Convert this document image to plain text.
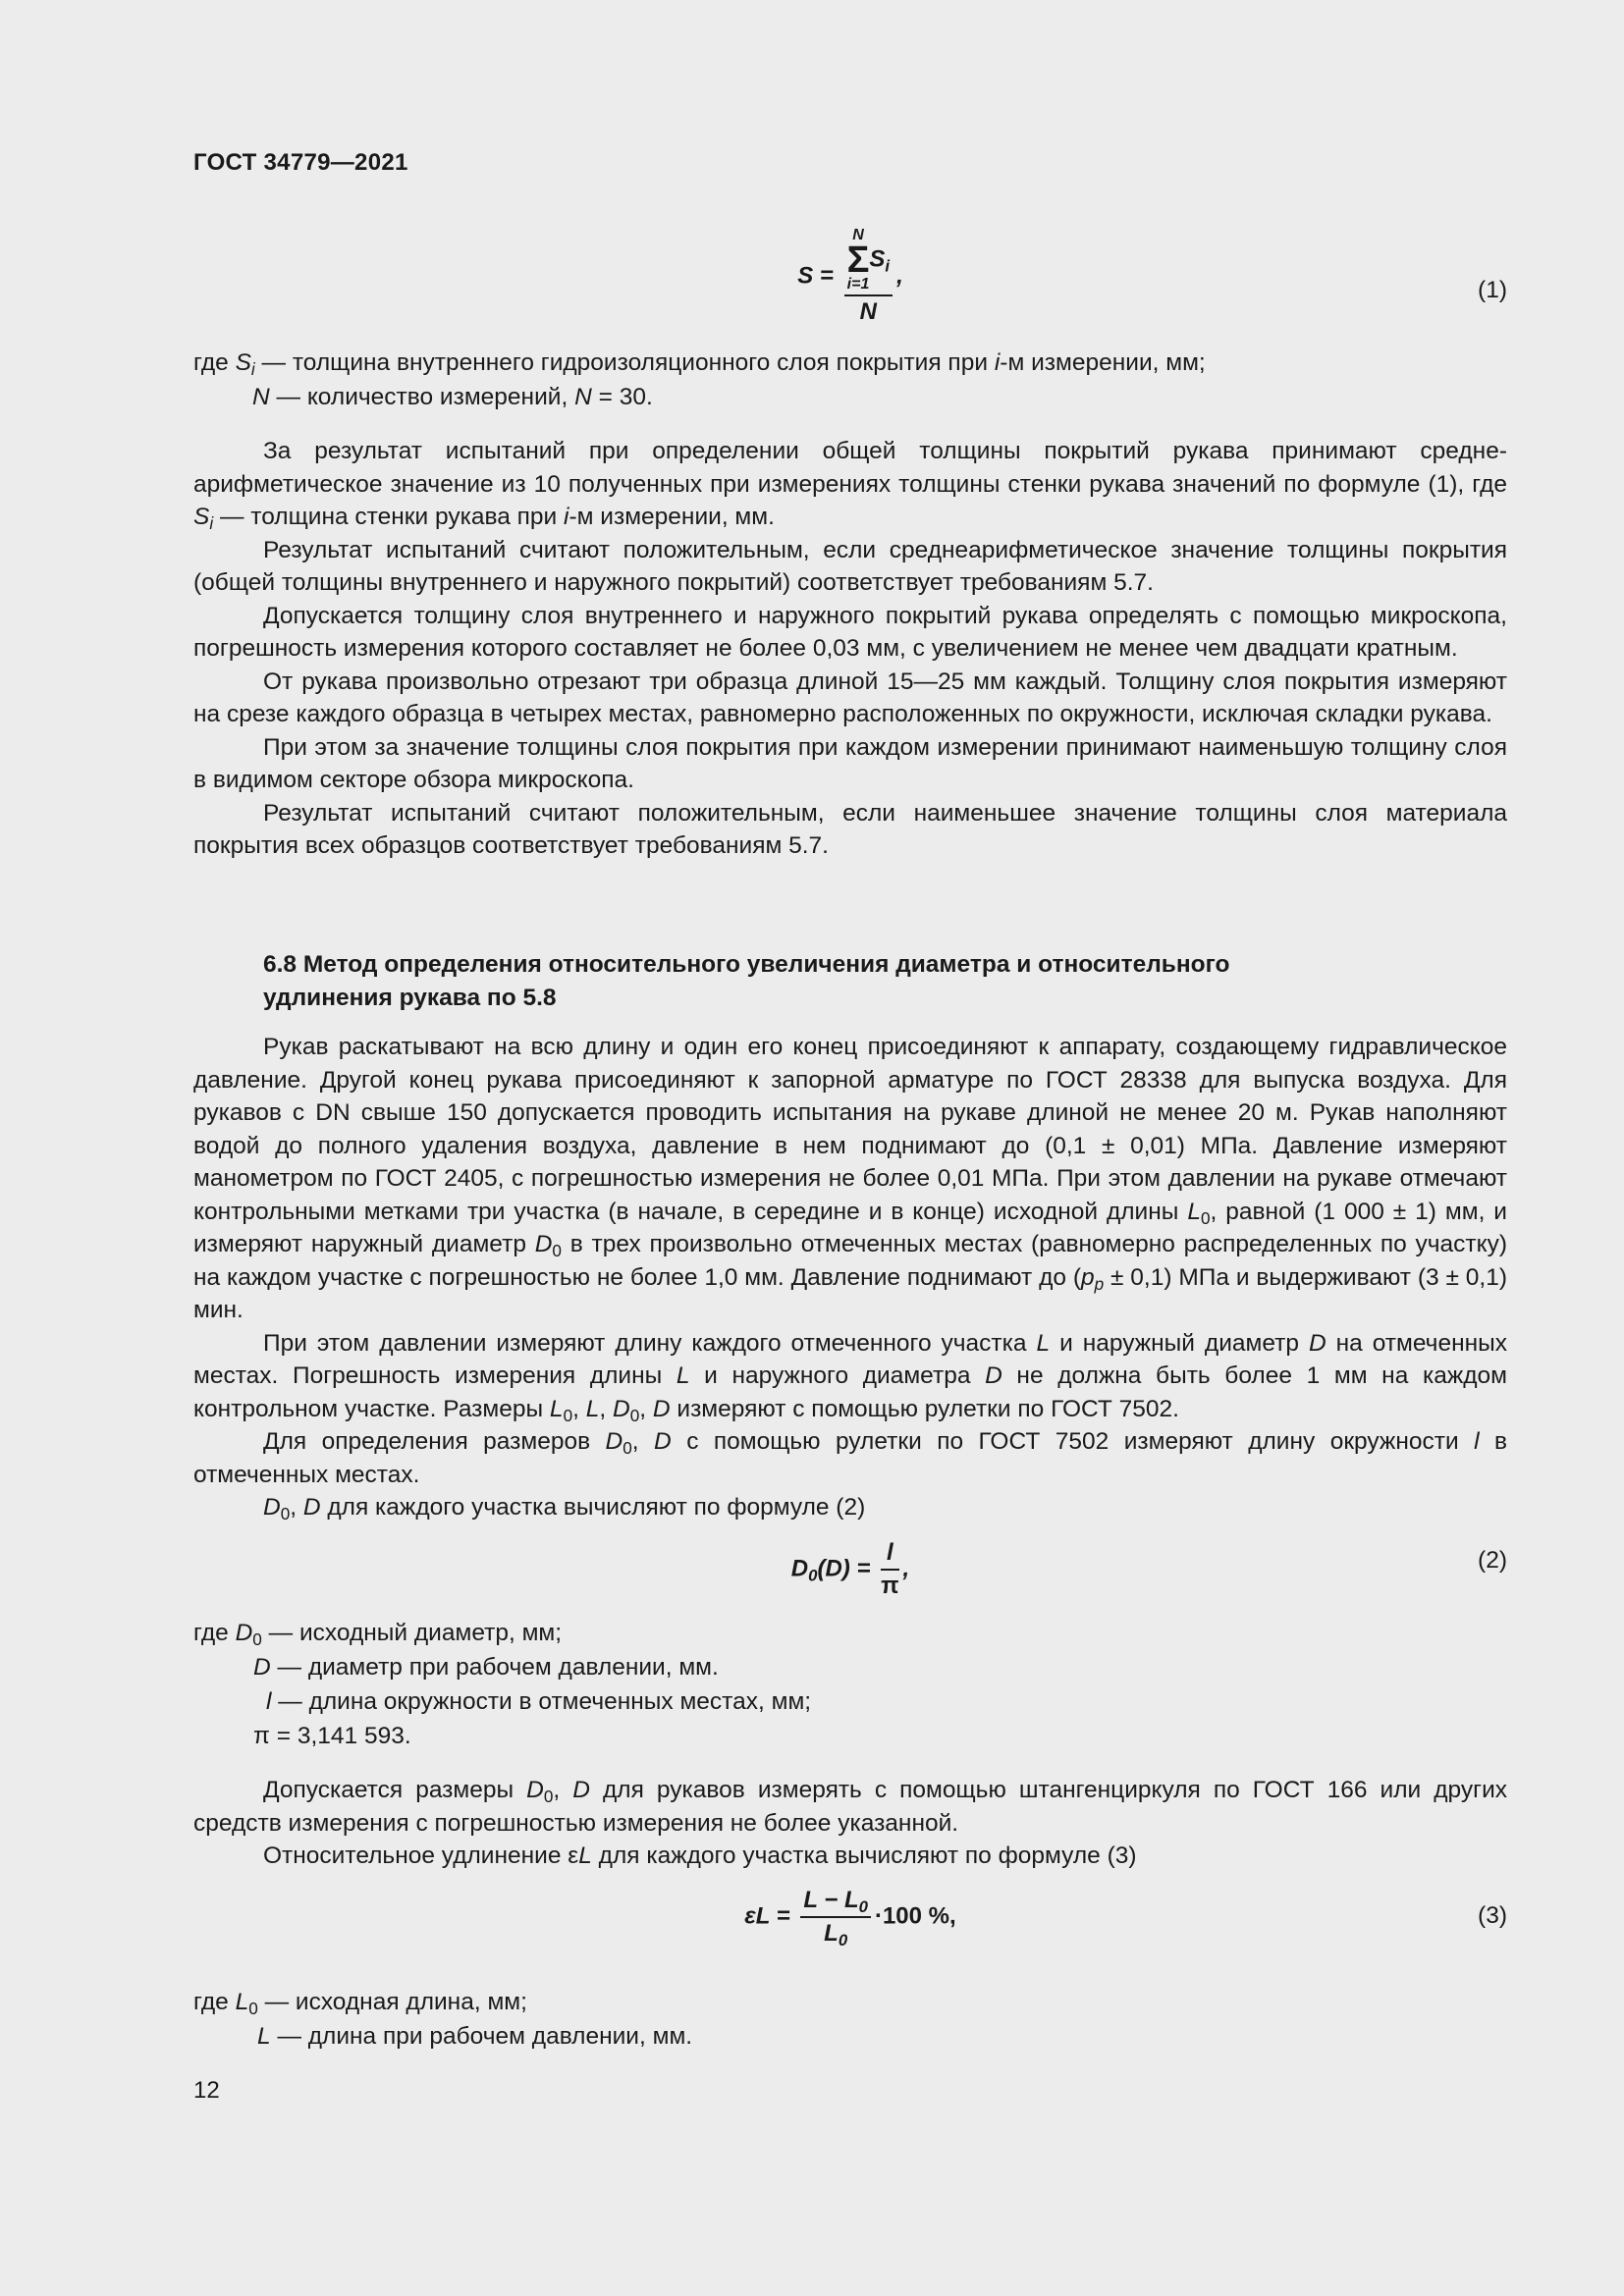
ГОСТ 34779—2021
S = N
Σ
i=1
$S_i$
N ,
(1)
где $S_i$ — толщина внутреннего гидроизоляционного слоя покрытия при i-м измерении, мм;
N — количество измерений, N = 30.

За результат испытаний при определении общей толщины покрытий рукава принимают среднеарифметическое значение из 10 полученных при измерениях толщины стенки рукава значений по формуле (1), где $S_i$ — толщина стенки рукава при i-м измерении, мм.

Результат испытаний считают положительным, если среднеарифметическое значение толщины покрытия (общей толщины внутреннего и наружного покрытий) соответствует требованиям 5.7.

Допускается толщину слоя внутреннего и наружного покрытий рукава определять с помощью микроскопа, погрешность измерения которого составляет не более 0,03 мм, с увеличением не менее чем двадцати кратным.

От рукава произвольно отрезают три образца длиной 15—25 мм каждый. Толщину слоя покрытия измеряют на срезе каждого образца в четырех местах, равномерно расположенных по окружности, исключая складки рукава.

При этом за значение толщины слоя покрытия при каждом измерении принимают наименьшую толщину слоя в видимом секторе обзора микроскопа.

Результат испытаний считают положительным, если наименьшее значение толщины слоя материала покрытия всех образцов соответствует требованиям 5.7.

6.8 Метод определения относительного увеличения диаметра и относительного
удлинения рукава по 5.8

Рукав раскатывают на всю длину и один его конец присоединяют к аппарату, создающему гидравлическое давление. Другой конец рукава присоединяют к запорной арматуре по ГОСТ 28338 для выпуска воздуха. Для рукавов с DN свыше 150 допускается проводить испытания на рукаве длиной не менее 20 м. Рукав наполняют водой до полного удаления воздуха, давление в нем поднимают до (0,1 ± 0,01) МПа. Давление измеряют манометром по ГОСТ 2405, с погрешностью измерения не более 0,01 МПа. При этом давлении на рукаве отмечают контрольными метками три участка (в начале, в середине и в конце) исходной длины $L_0$, равной (1 000 ± 1) мм, и измеряют наружный диаметр $D_0$ в трех произвольно отмеченных местах (равномерно распределенных по участку) на каждом участке с погрешностью не более 1,0 мм. Давление поднимают до $(p_p \pm 0,1)$ МПа и выдерживают (3 ± 0,1) мин.

При этом давлении измеряют длину каждого отмеченного участка L и наружный диаметр D на отмеченных местах. Погрешность измерения длины L и наружного диаметра D не должна быть более 1 мм на каждом контрольном участке. Размеры $L_0$, L, $D_0$, D измеряют с помощью рулетки по ГОСТ 7502.

Для определения размеров $D_0$, D с помощью рулетки по ГОСТ 7502 измеряют длину окружности l в отмеченных местах.

$D_0$, D для каждого участка вычисляют по формуле (2)

$D_0(D) = \frac{l}{\pi}$ ,	(2)
где $D_0$ — исходный диаметр, мм;
D — диаметр при рабочем давлении, мм.
l — длина окружности в отмеченных местах, мм;
π = 3,141 593.

Допускается размеры $D_0$, D для рукавов измерять с помощью штангенциркуля по ГОСТ 166 или других средств измерения с погрешностью измерения не более указанной.

Относительное удлинение εL для каждого участка вычисляют по формуле (3)

$\varepsilon L = \frac{L - L_0}{L_0} \cdot 100$ %,	(3)
где $L_0$ — исходная длина, мм;
L — длина при рабочем давлении, мм.
12
